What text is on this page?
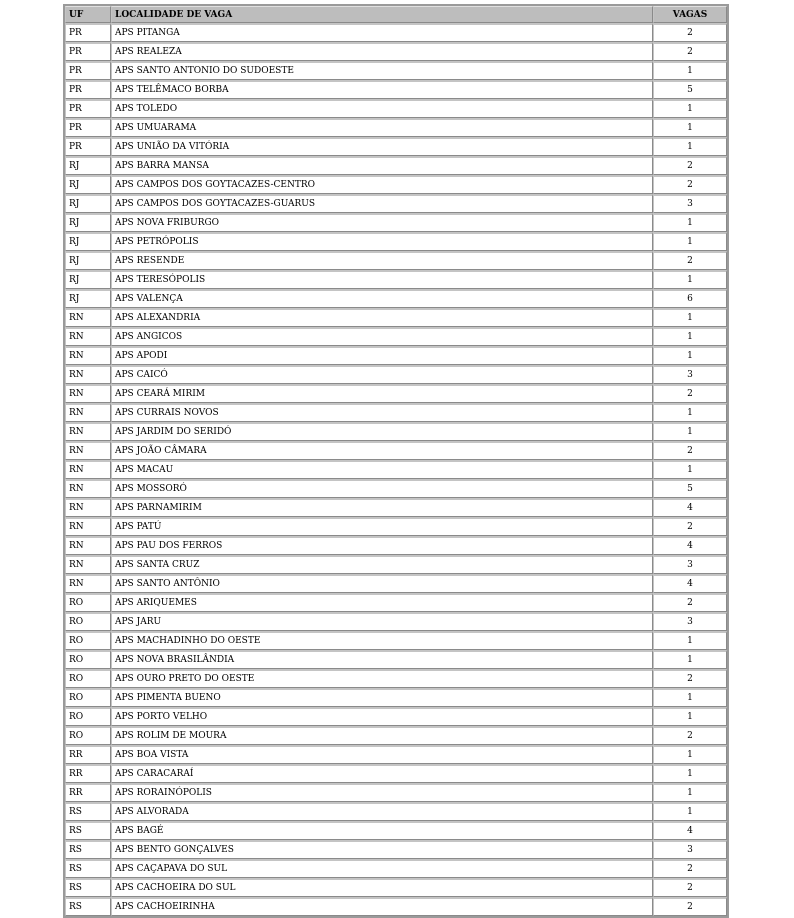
UF	LOCALIDADE DE VAGA	VAGAS
PR	APS PITANGA	2
PR	APS REALEZA	2
PR	APS SANTO ANTONIO DO SUDOESTE	1
PR	APS TELÊMACO BORBA	5
PR	APS TOLEDO	1
PR	APS UMUARAMA	1
PR	APS UNIÃO DA VITÓRIA	1
RJ	APS BARRA MANSA	2
RJ	APS CAMPOS DOS GOYTACAZES-CENTRO	2
RJ	APS CAMPOS DOS GOYTACAZES-GUARUS	3
RJ	APS NOVA FRIBURGO	1
RJ	APS PETRÓPOLIS	1
RJ	APS RESENDE	2
RJ	APS TERESÓPOLIS	1
RJ	APS VALENÇA	6
RN	APS ALEXANDRIA	1
RN	APS ANGICOS	1
RN	APS APODI	1
RN	APS CAICÓ	3
RN	APS CEARÁ MIRIM	2
RN	APS CURRAIS NOVOS	1
RN	APS JARDIM DO SERIDÓ	1
RN	APS JOÃO CÂMARA	2
RN	APS MACAU	1
RN	APS MOSSORÓ	5
RN	APS PARNAMIRIM	4
RN	APS PATÚ	2
RN	APS PAU DOS FERROS	4
RN	APS SANTA CRUZ	3
RN	APS SANTO ANTÔNIO	4
RO	APS ARIQUEMES	2
RO	APS JARU	3
RO	APS MACHADINHO DO OESTE	1
RO	APS NOVA BRASILÂNDIA	1
RO	APS OURO PRETO DO OESTE	2
RO	APS PIMENTA BUENO	1
RO	APS PORTO VELHO	1
RO	APS ROLIM DE MOURA	2
RR	APS BOA VISTA	1
RR	APS CARACARAÍ	1
RR	APS RORAINÓPOLIS	1
RS	APS ALVORADA	1
RS	APS BAGÉ	4
RS	APS BENTO GONÇALVES	3
RS	APS CAÇAPAVA DO SUL	2
RS	APS CACHOEIRA DO SUL	2
RS	APS CACHOEIRINHA	2
